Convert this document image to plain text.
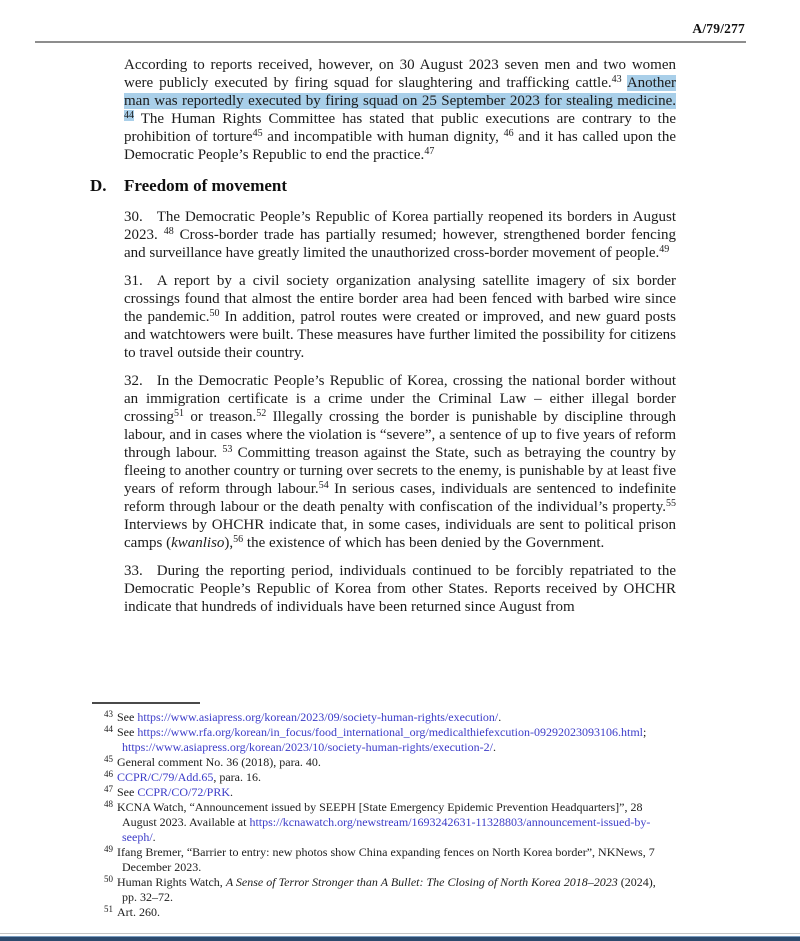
A/79/277

According to reports received, however, on 30 August 2023 seven men and two women were publicly executed by firing squad for slaughtering and trafficking cattle.$^{43}$ Another man was reportedly executed by firing squad on 25 September 2023 for stealing medicine. $^{44}$ The Human Rights Committee has stated that public executions are contrary to the prohibition of torture$^{45}$ and incompatible with human dignity, $^{46}$ and it has called upon the Democratic People’s Republic to end the practice.$^{47}$

D.	Freedom of movement

30. The Democratic People’s Republic of Korea partially reopened its borders in August 2023. $^{48}$ Cross-border trade has partially resumed; however, strengthened border fencing and surveillance have greatly limited the unauthorized cross-border movement of people.$^{49}$

31. A report by a civil society organization analysing satellite imagery of six border crossings found that almost the entire border area had been fenced with barbed wire since the pandemic.$^{50}$ In addition, patrol routes were created or improved, and new guard posts and watchtowers were built. These measures have further limited the possibility for citizens to travel outside their country.

32. In the Democratic People’s Republic of Korea, crossing the national border without an immigration certificate is a crime under the Criminal Law – either illegal border crossing$^{51}$ or treason.$^{52}$ Illegally crossing the border is punishable by discipline through labour, and in cases where the violation is “severe”, a sentence of up to five years of reform through labour. $^{53}$ Committing treason against the State, such as betraying the country by fleeing to another country or turning over secrets to the enemy, is punishable by at least five years of reform through labour.$^{54}$ In serious cases, individuals are sentenced to indefinite reform through labour or the death penalty with confiscation of the individual’s property.$^{55}$ Interviews by OHCHR indicate that, in some cases, individuals are sent to political prison camps (kwanliso),$^{56}$ the existence of which has been denied by the Government.

33. During the reporting period, individuals continued to be forcibly repatriated to the Democratic People’s Republic of Korea from other States. Reports received by OHCHR indicate that hundreds of individuals have been returned since August from

$^{43}$ See https://www.asiapress.org/korean/2023/09/society-human-rights/execution/.
$^{44}$ See https://www.rfa.org/korean/in_focus/food_international_org/medicalthiefexcution-09292023093106.html; https://www.asiapress.org/korean/2023/10/society-human-rights/execution-2/.
$^{45}$ General comment No. 36 (2018), para. 40.
$^{46}$ CCPR/C/79/Add.65, para. 16.
$^{47}$ See CCPR/CO/72/PRK.
$^{48}$ KCNA Watch, “Announcement issued by SEEPH [State Emergency Epidemic Prevention Headquarters]”, 28 August 2023. Available at https://kcnawatch.org/newstream/1693242631-11328803/announcement-issued-by-seeph/.
$^{49}$ Ifang Bremer, “Barrier to entry: new photos show China expanding fences on North Korea border”, NKNews, 7 December 2023.
$^{50}$ Human Rights Watch, A Sense of Terror Stronger than A Bullet: The Closing of North Korea 2018–2023 (2024), pp. 32–72.
$^{51}$ Art. 260.
